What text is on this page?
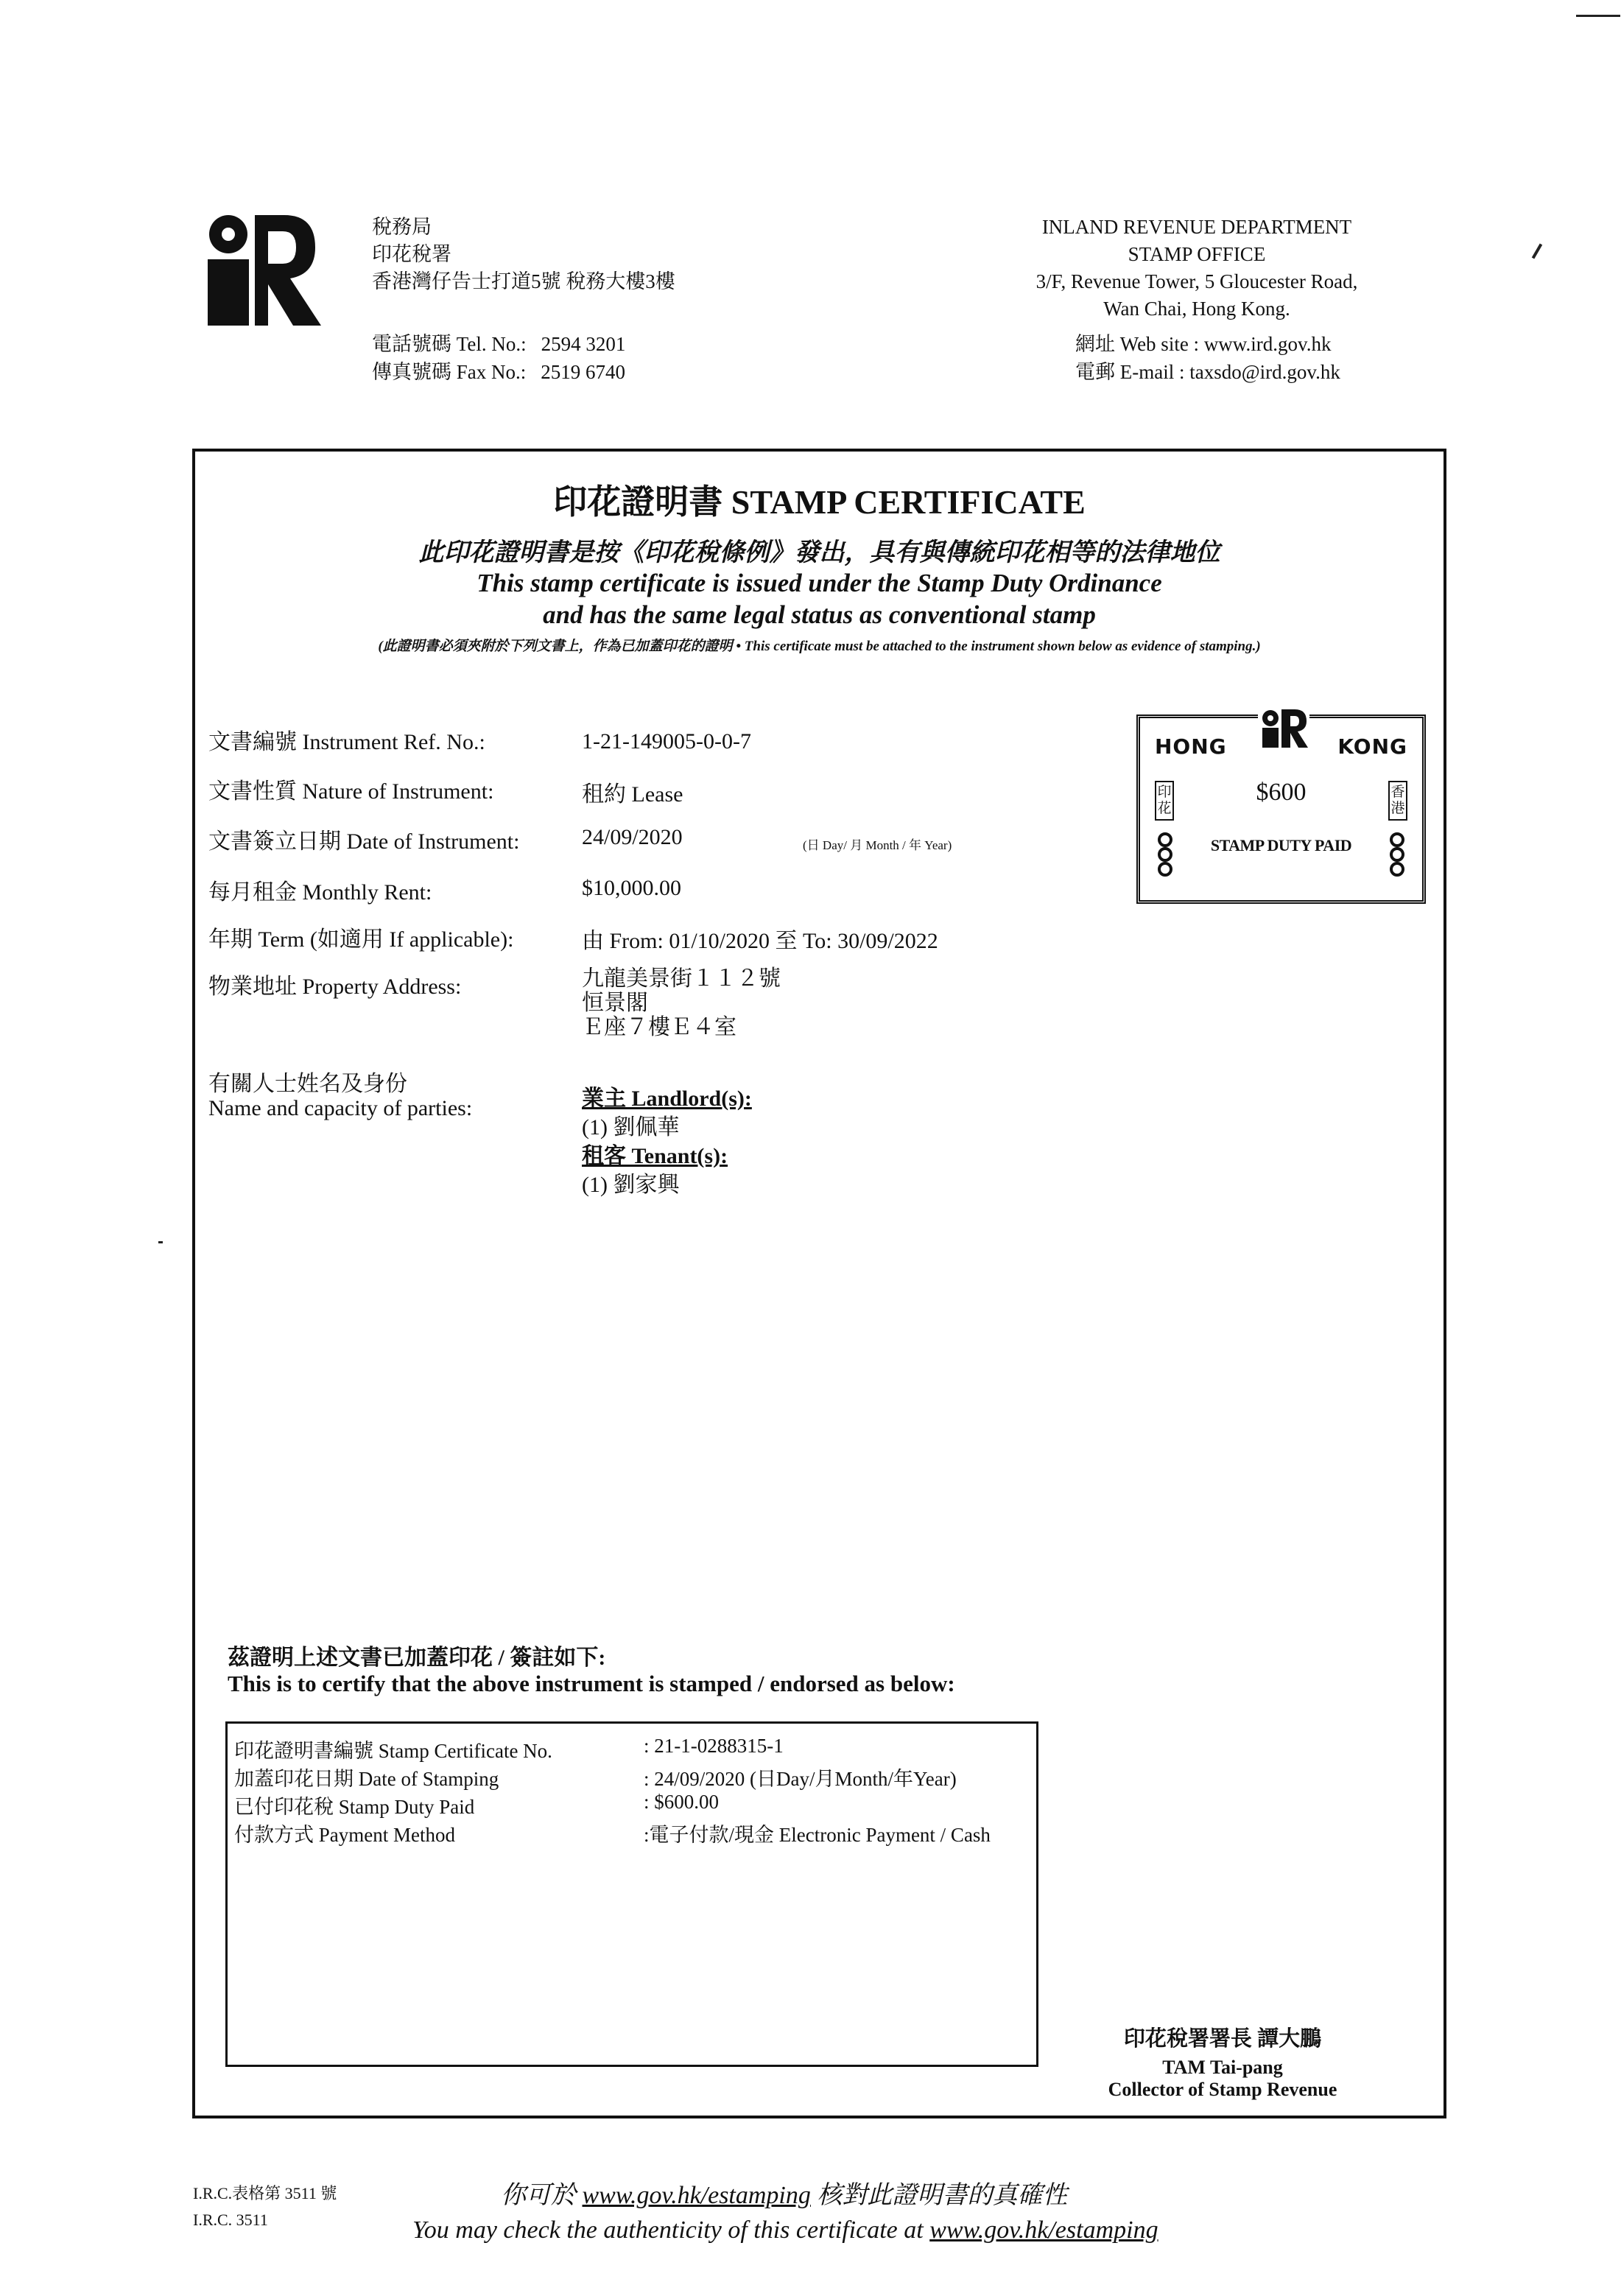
稅務局
印花稅署
香港灣仔告士打道5號 稅務大樓3樓
電話號碼 Tel. No.: 2594 3201
傳真號碼 Fax No.: 2519 6740
INLAND REVENUE DEPARTMENT
STAMP OFFICE
3/F, Revenue Tower, 5 Gloucester Road,
Wan Chai, Hong Kong.
網址 Web site : www.ird.gov.hk
電郵 E-mail : taxsdo@ird.gov.hk
印花證明書 STAMP CERTIFICATE
此印花證明書是按《印花稅條例》發出，具有與傳統印花相等的法律地位
This stamp certificate is issued under the Stamp Duty Ordinance
and has the same legal status as conventional stamp
(此證明書必須夾附於下列文書上，作為已加蓋印花的證明 • This certificate must be attached to the instrument shown below as evidence of stamping.)
文書編號 Instrument Ref. No.:	1-21-149005-0-0-7
文書性質 Nature of Instrument:	租約 Lease
文書簽立日期 Date of Instrument:	24/09/2020	(日 Day/ 月 Month / 年 Year)
每月租金 Monthly Rent:	$10,000.00
年期 Term (如適用 If applicable):	由 From: 01/10/2020 至 To: 30/09/2022
物業地址 Property Address:	九龍美景街１１２號
恒景閣
Ｅ座７樓Ｅ４室
有關人士姓名及身份
Name and capacity of parties:	業主 Landlord(s):
(1) 劉佩華
租客 Tenant(s):
(1) 劉家興
HONG	KONG
印花
香港
$600
STAMP DUTY PAID
茲證明上述文書已加蓋印花 / 簽註如下:
This is to certify that the above instrument is stamped / endorsed as below:
印花證明書編號 Stamp Certificate No.	: 21-1-0288315-1
加蓋印花日期 Date of Stamping	: 24/09/2020 (日Day/月Month/年Year)
已付印花稅 Stamp Duty Paid	: $600.00
付款方式 Payment Method	:電子付款/現金 Electronic Payment / Cash
印花稅署署長 譚大鵬
TAM Tai-pang
Collector of Stamp Revenue
I.R.C.表格第 3511 號
I.R.C. 3511
你可於 www.gov.hk/estamping 核對此證明書的真確性
You may check the authenticity of this certificate at www.gov.hk/estamping
